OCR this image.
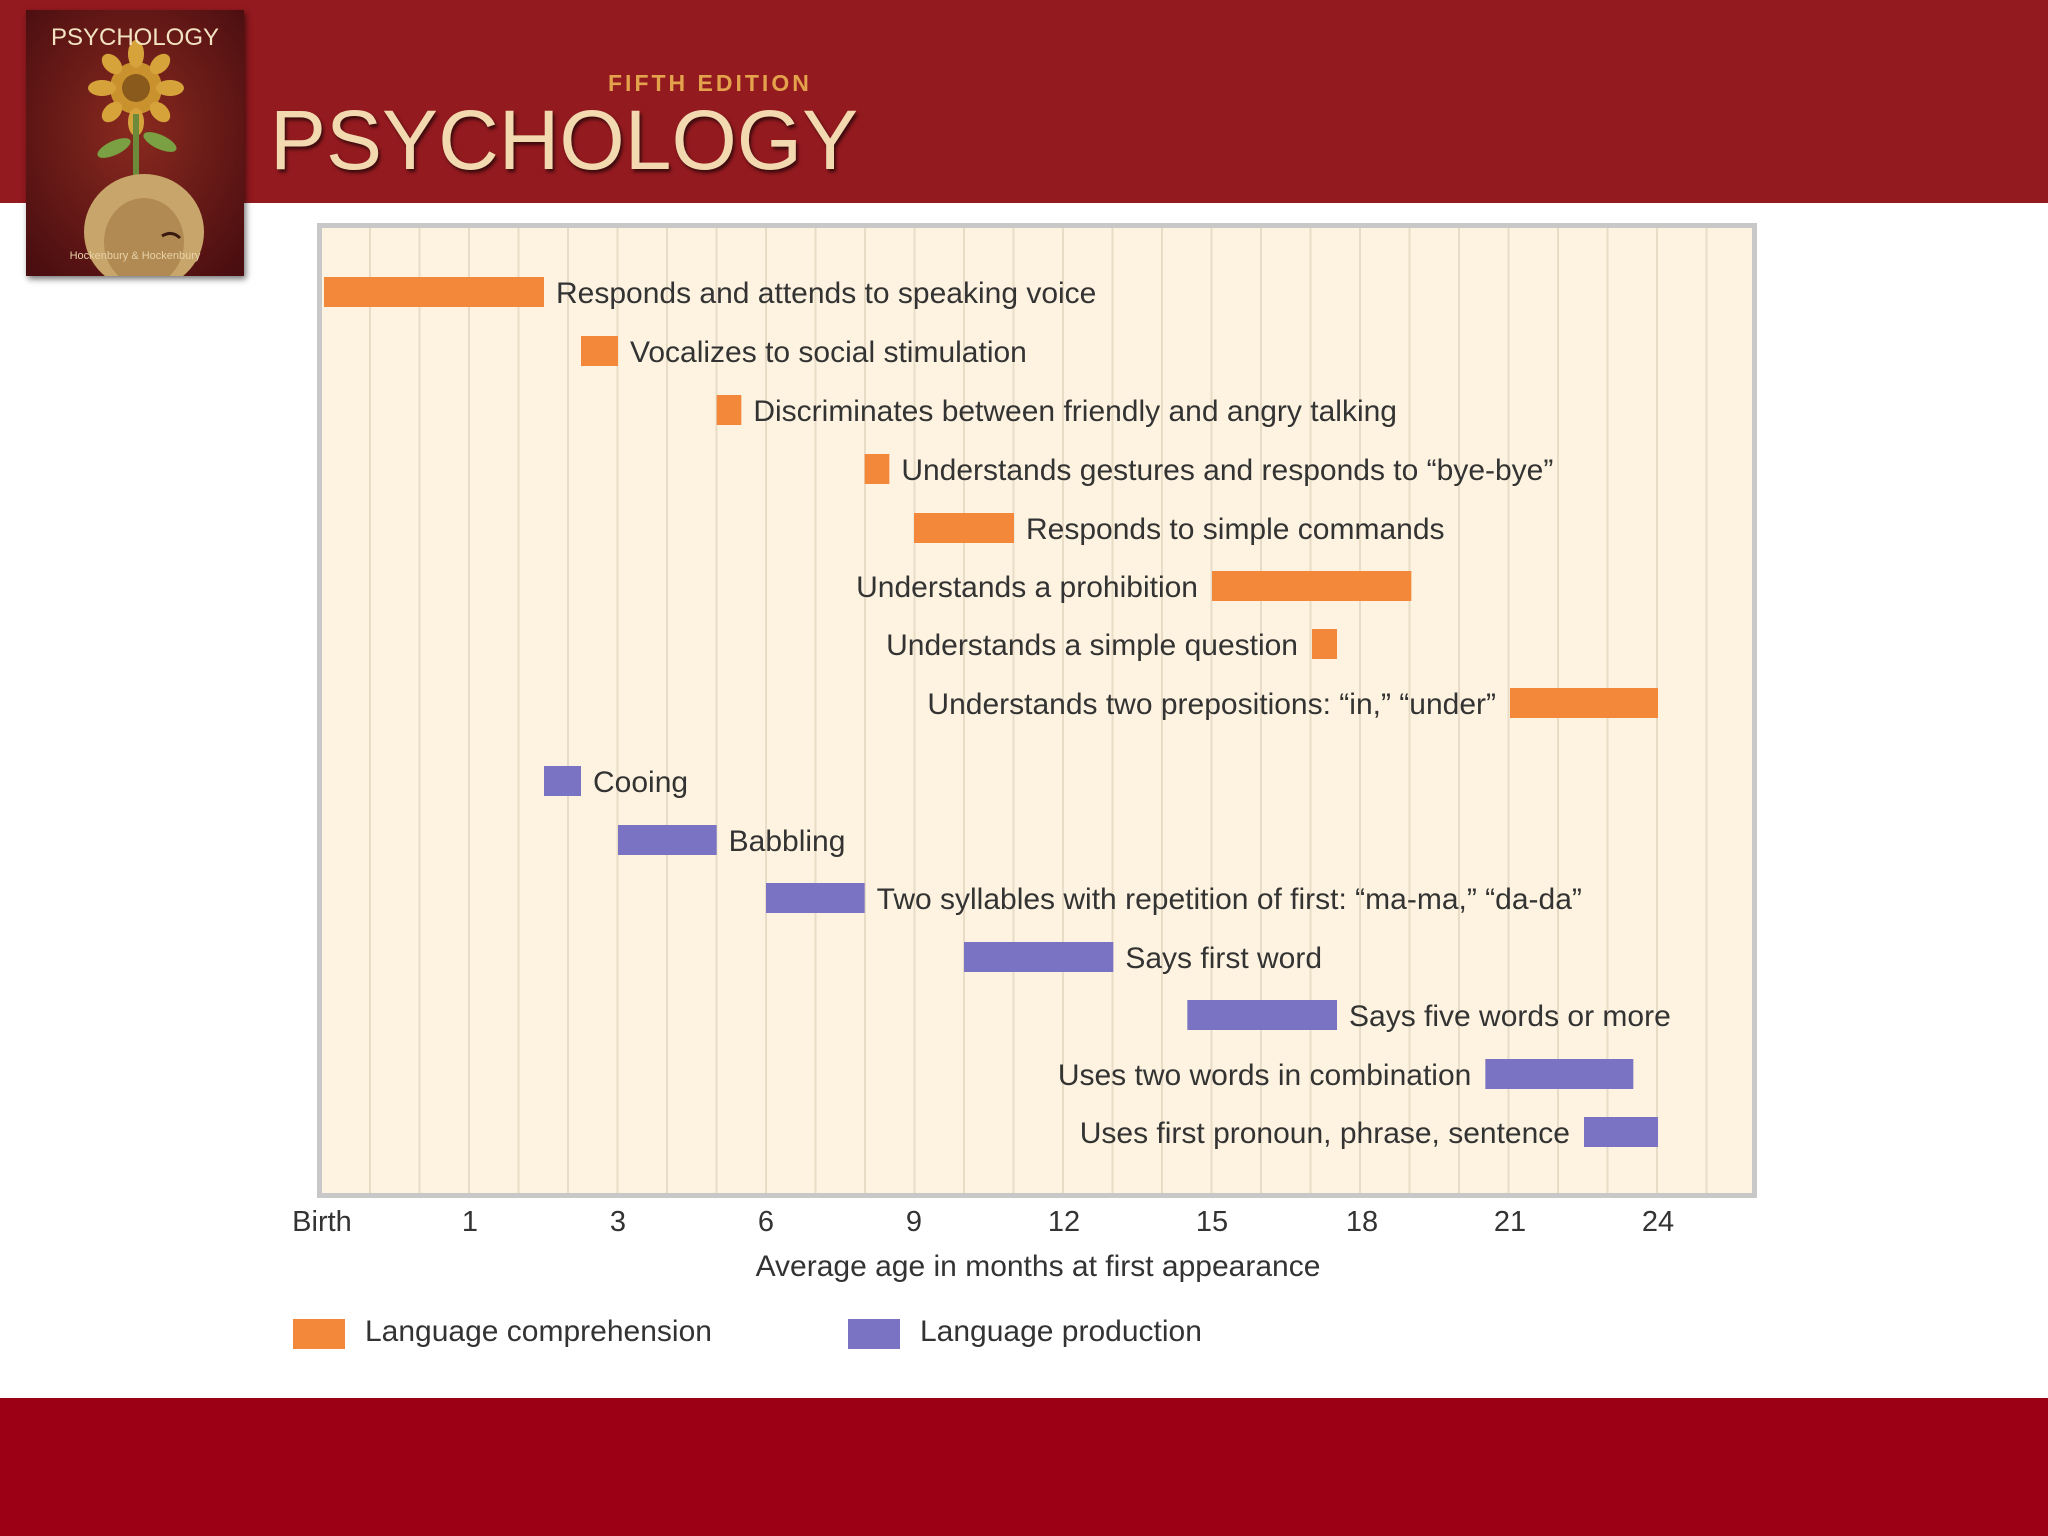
PSYCHOLOGY
Hockenbury & Hockenbury
FIFTH EDITION
PSYCHOLOGY
Responds and attends to speaking voice
Vocalizes to social stimulation
Discriminates between friendly and angry talking
Understands gestures and responds to “bye-bye”
Responds to simple commands
Understands a prohibition
Understands a simple question
Understands two prepositions: “in,” “under”
Cooing
Babbling
Two syllables with repetition of first: “ma-ma,” “da-da”
Says first word
Says five words or more
Uses two words in combination
Uses first pronoun, phrase, sentence
Birth	1	3	6	9	12	15	18	21	24
Average age in months at first appearance
Language comprehension	Language production
